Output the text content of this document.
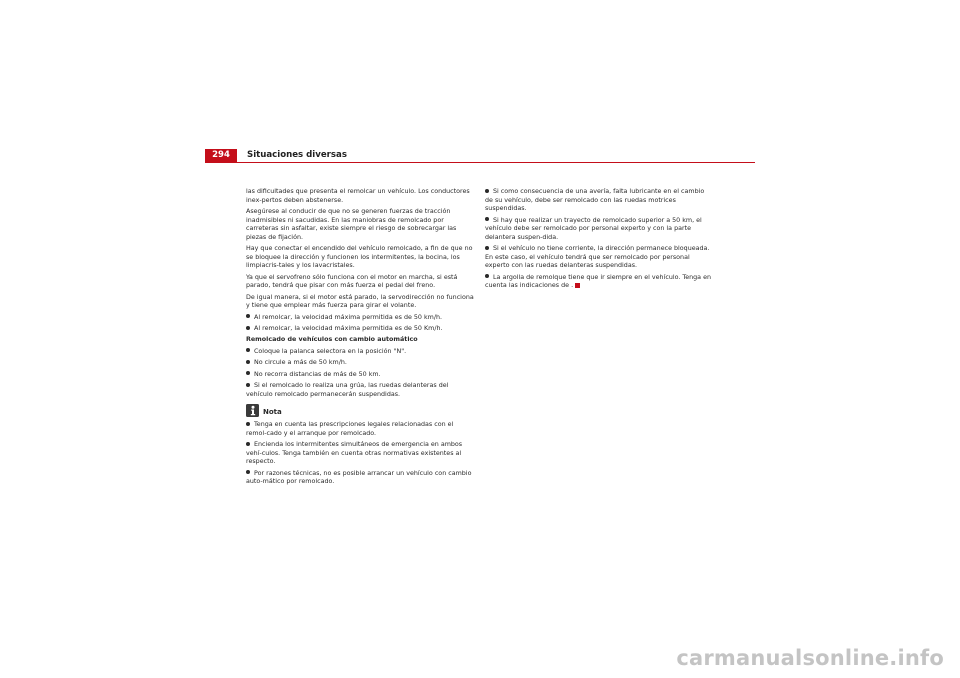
294	Situaciones diversas

las dificultades que presenta el remolcar un vehículo. Los conductores inex-pertos deben abstenerse.

Asegúrese al conducir de que no se generen fuerzas de tracción inadmisibles ni sacudidas. En las maniobras de remolcado por carreteras sin asfaltar, existe siempre el riesgo de sobrecargar las piezas de fijación.

Hay que conectar el encendido del vehículo remolcado, a fin de que no se bloquee la dirección y funcionen los intermitentes, la bocina, los limpiacris-tales y los lavacristales.

Ya que el servofreno sólo funciona con el motor en marcha, si está parado, tendrá que pisar con más fuerza el pedal del freno.

De igual manera, si el motor está parado, la servodirección no funciona y tiene que emplear más fuerza para girar el volante.

Al remolcar, la velocidad máxima permitida es de 50 km/h.

Al remolcar, la velocidad máxima permitida es de 50 Km/h.

Remolcado de vehículos con cambio automático

Coloque la palanca selectora en la posición "N".

No circule a más de 50 km/h.

No recorra distancias de más de 50 km.

Si el remolcado lo realiza una grúa, las ruedas delanteras del vehículo remolcado permanecerán suspendidas.

Nota

Tenga en cuenta las prescripciones legales relacionadas con el remol-cado y el arranque por remolcado.

Encienda los intermitentes simultáneos de emergencia en ambos vehí-culos. Tenga también en cuenta otras normativas existentes al respecto.

Por razones técnicas, no es posible arrancar un vehículo con cambio auto-mático por remolcado.

Si como consecuencia de una avería, falta lubricante en el cambio de su vehículo, debe ser remolcado con las ruedas motrices suspendidas.

Si hay que realizar un trayecto de remolcado superior a 50 km, el vehículo debe ser remolcado por personal experto y con la parte delantera suspen-dida.

Si el vehículo no tiene corriente, la dirección permanece bloqueada. En este caso, el vehículo tendrá que ser remolcado por personal experto con las ruedas delanteras suspendidas.

La argolla de remolque tiene que ir siempre en el vehículo. Tenga en cuenta las indicaciones de .

carmanualsonline.info
